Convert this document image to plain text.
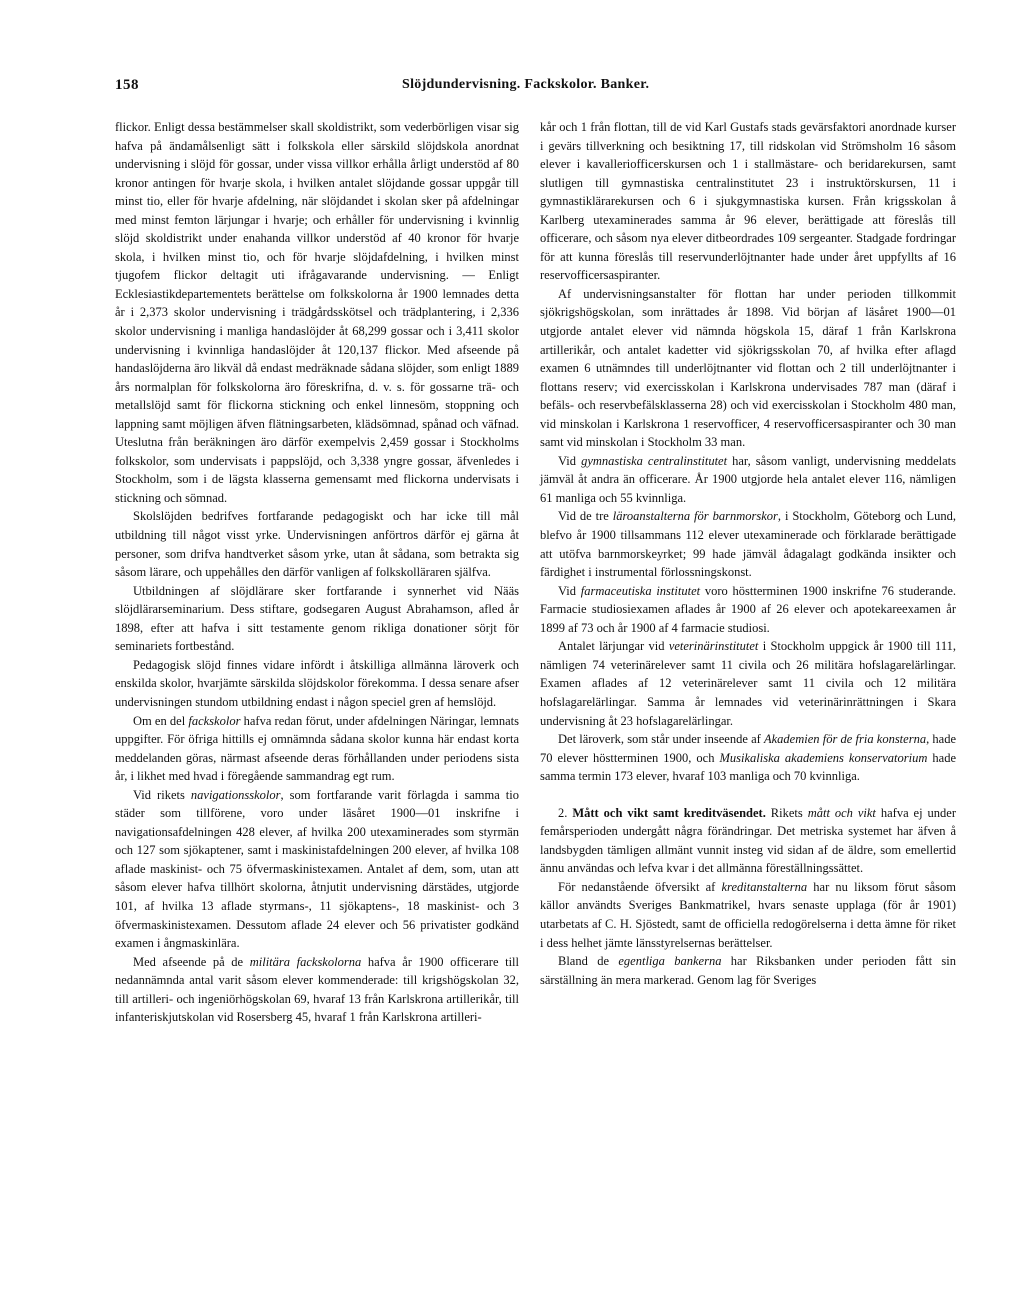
158	Slöjdundervisning. Fackskolor. Banker.

flickor. Enligt dessa bestämmelser skall skoldistrikt, som vederbörligen visar sig hafva på ändamålsenligt sätt i folkskola eller särskild slöjdskola anordnat undervisning i slöjd för gossar, under vissa villkor erhålla årligt understöd af 80 kronor antingen för hvarje skola, i hvilken antalet slöjdande gossar uppgår till minst tio, eller för hvarje afdelning, när slöjdandet i skolan sker på afdelningar med minst femton lärjungar i hvarje; och erhåller för undervisning i kvinnlig slöjd skoldistrikt under enahanda villkor understöd af 40 kronor för hvarje skola, i hvilken minst tio, och för hvarje slöjdafdelning, i hvilken minst tjugofem flickor deltagit uti ifrågavarande undervisning. — Enligt Ecklesiastikdepartementets berättelse om folkskolorna år 1900 lemnades detta år i 2,373 skolor undervisning i trädgårdsskötsel och trädplantering, i 2,336 skolor undervisning i manliga handaslöjder åt 68,299 gossar och i 3,411 skolor undervisning i kvinnliga handaslöjder åt 120,137 flickor. Med afseende på handaslöjderna äro likväl då endast medräknade sådana slöjder, som enligt 1889 års normalplan för folkskolorna äro föreskrifna, d. v. s. för gossarne trä- och metallslöjd samt för flickorna stickning och enkel linnesöm, stoppning och lappning samt möjligen äfven flätningsarbeten, klädsömnad, spånad och väfnad. Uteslutna från beräkningen äro därför exempelvis 2,459 gossar i Stockholms folkskolor, som undervisats i pappslöjd, och 3,338 yngre gossar, äfvenledes i Stockholm, som i de lägsta klasserna gemensamt med flickorna undervisats i stickning och sömnad.

Skolslöjden bedrifves fortfarande pedagogiskt och har icke till mål utbildning till något visst yrke. Undervisningen anförtros därför ej gärna åt personer, som drifva handtverket såsom yrke, utan åt sådana, som betrakta sig såsom lärare, och uppehålles den därför vanligen af folkskolläraren själfva.

Utbildningen af slöjdlärare sker fortfarande i synnerhet vid Nääs slöjdlärarseminarium. Dess stiftare, godsegaren August Abrahamson, afled år 1898, efter att hafva i sitt testamente genom rikliga donationer sörjt för seminariets fortbestånd.

Pedagogisk slöjd finnes vidare infördt i åtskilliga allmänna läroverk och enskilda skolor, hvarjämte särskilda slöjdskolor förekomma. I dessa senare afser undervisningen stundom utbildning endast i någon speciel gren af hemslöjd.

Om en del fackskolor hafva redan förut, under afdelningen Näringar, lemnats uppgifter. För öfriga hittills ej omnämnda sådana skolor kunna här endast korta meddelanden göras, närmast afseende deras förhållanden under periodens sista år, i likhet med hvad i föregående sammandrag egt rum.

Vid rikets navigationsskolor, som fortfarande varit förlagda i samma tio städer som tillförene, voro under läsåret 1900—01 inskrifne i navigationsafdelningen 428 elever, af hvilka 200 utexaminerades som styrmän och 127 som sjökaptener, samt i maskinistafdelningen 200 elever, af hvilka 108 aflade maskinist- och 75 öfvermaskinistexamen. Antalet af dem, som, utan att såsom elever hafva tillhört skolorna, åtnjutit undervisning därstädes, utgjorde 101, af hvilka 13 aflade styrmans-, 11 sjökaptens-, 18 maskinist- och 3 öfvermaskinistexamen. Dessutom aflade 24 elever och 56 privatister godkänd examen i ångmaskinlära.

Med afseende på de militära fackskolorna hafva år 1900 officerare till nedannämnda antal varit såsom elever kommenderade: till krigshögskolan 32, till artilleri- och ingeniörhögskolan 69, hvaraf 13 från Karlskrona artillerikår, till infanteriskjutskolan vid Rosersberg 45, hvaraf 1 från Karlskrona artilleri-

kår och 1 från flottan, till de vid Karl Gustafs stads gevärsfaktori anordnade kurser i gevärs tillverkning och besiktning 17, till ridskolan vid Strömsholm 16 såsom elever i kavalleriofficerskursen och 1 i stallmästare- och beridarekursen, samt slutligen till gymnastiska centralinstitutet 23 i instruktörskursen, 11 i gymnastiklärarekursen och 6 i sjukgymnastiska kursen. Från krigsskolan å Karlberg utexaminerades samma år 96 elever, berättigade att föreslås till officerare, och såsom nya elever ditbeordrades 109 sergeanter. Stadgade fordringar för att kunna föreslås till reservunderlöjtnanter hade under året uppfyllts af 16 reservofficersaspiranter.

Af undervisningsanstalter för flottan har under perioden tillkommit sjökrigshögskolan, som inrättades år 1898. Vid början af läsåret 1900—01 utgjorde antalet elever vid nämnda högskola 15, däraf 1 från Karlskrona artillerikår, och antalet kadetter vid sjökrigsskolan 70, af hvilka efter aflagd examen 6 utnämndes till underlöjtnanter vid flottan och 2 till underlöjtnanter i flottans reserv; vid exercisskolan i Karlskrona undervisades 787 man (däraf i befäls- och reservbefälsklasserna 28) och vid exercisskolan i Stockholm 480 man, vid minskolan i Karlskrona 1 reservofficer, 4 reservofficersaspiranter och 30 man samt vid minskolan i Stockholm 33 man.

Vid gymnastiska centralinstitutet har, såsom vanligt, undervisning meddelats jämväl åt andra än officerare. År 1900 utgjorde hela antalet elever 116, nämligen 61 manliga och 55 kvinnliga.

Vid de tre läroanstalterna för barnmorskor, i Stockholm, Göteborg och Lund, blefvo år 1900 tillsammans 112 elever utexaminerade och förklarade berättigade att utöfva barnmorskeyrket; 99 hade jämväl ådagalagt godkända insikter och färdighet i instrumental förlossningskonst.

Vid farmaceutiska institutet voro höstterminen 1900 inskrifne 76 studerande. Farmacie studiosiexamen aflades år 1900 af 26 elever och apotekareexamen år 1899 af 73 och år 1900 af 4 farmacie studiosi.

Antalet lärjungar vid veterinärinstitutet i Stockholm uppgick år 1900 till 111, nämligen 74 veterinärelever samt 11 civila och 26 militära hofslagarelärlingar. Examen aflades af 12 veterinärelever samt 11 civila och 12 militära hofslagarelärlingar. Samma år lemnades vid veterinärinrättningen i Skara undervisning åt 23 hofslagarelärlingar.

Det läroverk, som står under inseende af Akademien för de fria konsterna, hade 70 elever höstterminen 1900, och Musikaliska akademiens konservatorium hade samma termin 173 elever, hvaraf 103 manliga och 70 kvinnliga.

2. Mått och vikt samt kreditväsendet. Rikets mått och vikt hafva ej under femårsperioden undergått några förändringar. Det metriska systemet har äfven å landsbygden tämligen allmänt vunnit insteg vid sidan af de äldre, som emellertid ännu användas och lefva kvar i det allmänna föreställningssättet.

För nedanstående öfversikt af kreditanstalterna har nu liksom förut såsom källor användts Sveriges Bankmatrikel, hvars senaste upplaga (för år 1901) utarbetats af C. H. Sjöstedt, samt de officiella redogörelserna i detta ämne för riket i dess helhet jämte länsstyrelsernas berättelser.

Bland de egentliga bankerna har Riksbanken under perioden fått sin särställning än mera markerad. Genom lag för Sveriges
